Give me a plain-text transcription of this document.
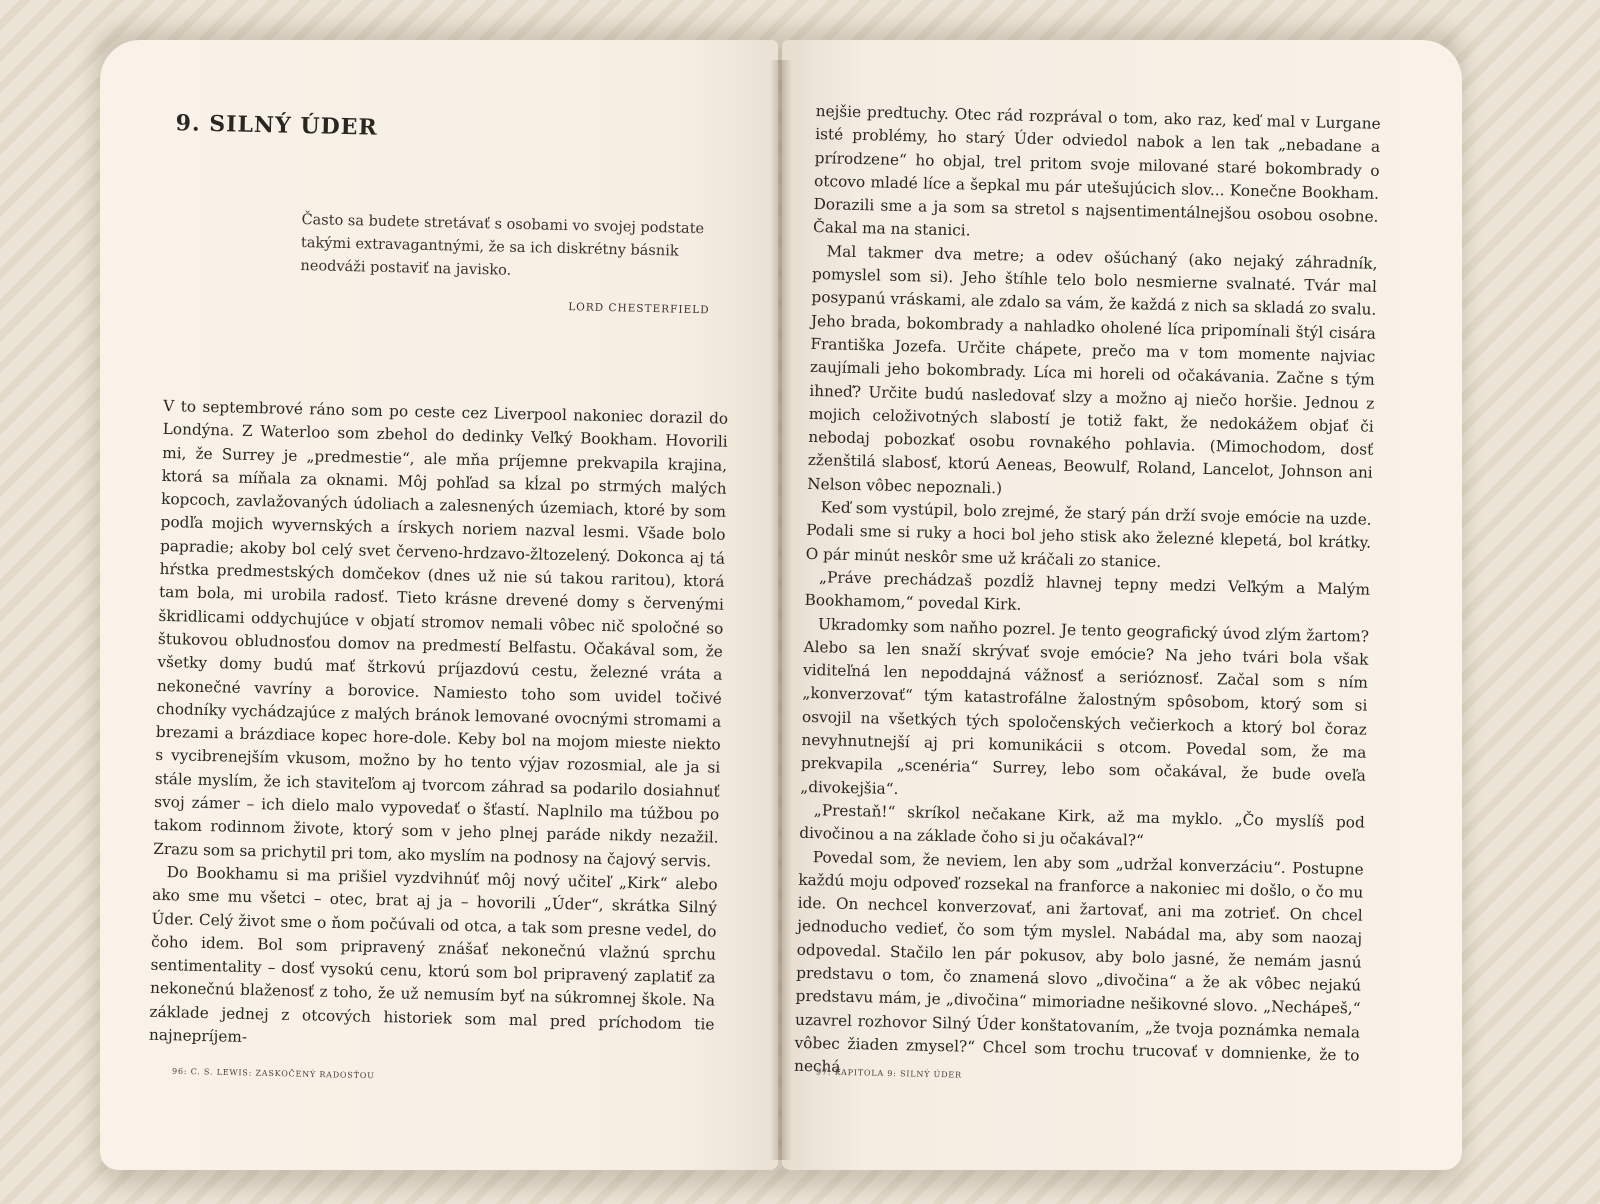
9. SILNÝ ÚDER
Často sa budete stretávať s osobami vo svojej podstate takými extravagantnými, že sa ich diskrétny básnik neodváži postaviť na javisko.
LORD CHESTERFIELD

V to septembrové ráno som po ceste cez Liverpool nakoniec dorazil do Londýna. Z Waterloo som zbehol do dedinky Veľký Bookham. Hovorili mi, že Surrey je „predmestie“, ale mňa príjemne prekvapila krajina, ktorá sa míňala za oknami. Môj pohľad sa kĺzal po strmých malých kopcoch, zavlažovaných údoliach a zalesnených územiach, ktoré by som podľa mojich wyvernských a írskych noriem nazval lesmi. Všade bolo papradie; akoby bol celý svet červeno-hrdzavo-žltozelený. Dokonca aj tá hŕstka predmestských domčekov (dnes už nie sú takou raritou), ktorá tam bola, mi urobila radosť. Tieto krásne drevené domy s červenými škridlicami oddychujúce v objatí stromov nemali vôbec nič spoločné so štukovou obludnosťou domov na predmestí Belfastu. Očakával som, že všetky domy budú mať štrkovú príjazdovú cestu, železné vráta a nekonečné vavríny a borovice. Namiesto toho som uvidel točivé chodníky vychádzajúce z malých bránok lemované ovocnými stromami a brezami a brázdiace kopec hore-dole. Keby bol na mojom mieste niekto s vycibrenejším vkusom, možno by ho tento výjav rozosmial, ale ja si stále myslím, že ich staviteľom aj tvorcom záhrad sa podarilo dosiahnuť svoj zámer – ich dielo malo vypovedať o šťastí. Naplnilo ma túžbou po takom rodinnom živote, ktorý som v jeho plnej paráde nikdy nezažil. Zrazu som sa prichytil pri tom, ako myslím na podnosy na čajový servis.

Do Bookhamu si ma prišiel vyzdvihnúť môj nový učiteľ „Kirk“ alebo ako sme mu všetci – otec, brat aj ja – hovorili „Úder“, skrátka Silný Úder. Celý život sme o ňom počúvali od otca, a tak som presne vedel, do čoho idem. Bol som pripravený znášať nekonečnú vlažnú sprchu sentimentality – dosť vysokú cenu, ktorú som bol pripravený zaplatiť za nekonečnú blaženosť z toho, že už nemusím byť na súkromnej škole. Na základe jednej z otcových historiek som mal pred príchodom tie najnepríjem-

96: C. S. LEWIS: ZASKOČENÝ RADOSŤOU

nejšie predtuchy. Otec rád rozprával o tom, ako raz, keď mal v Lurgane isté problémy, ho starý Úder odviedol nabok a len tak „nebadane a prírodzene“ ho objal, trel pritom svoje milované staré bokombrady o otcovo mladé líce a šepkal mu pár utešujúcich slov... Konečne Bookham. Dorazili sme a ja som sa stretol s najsentimentálnejšou osobou osobne. Čakal ma na stanici.

Mal takmer dva metre; a odev ošúchaný (ako nejaký záhradník, pomyslel som si). Jeho štíhle telo bolo nesmierne svalnaté. Tvár mal posypanú vráskami, ale zdalo sa vám, že každá z nich sa skladá zo svalu. Jeho brada, bokombrady a nahladko oholené líca pripomínali štýl cisára Františka Jozefa. Určite chápete, prečo ma v tom momente najviac zaujímali jeho bokombrady. Líca mi horeli od očakávania. Začne s tým ihneď? Určite budú nasledovať slzy a možno aj niečo horšie. Jednou z mojich celoživotných slabostí je totiž fakt, že nedokážem objať či nebodaj pobozkať osobu rovnakého pohlavia. (Mimochodom, dosť zženštilá slabosť, ktorú Aeneas, Beowulf, Roland, Lancelot, Johnson ani Nelson vôbec nepoznali.)

Keď som vystúpil, bolo zrejmé, že starý pán drží svoje emócie na uzde. Podali sme si ruky a hoci bol jeho stisk ako železné klepetá, bol krátky. O pár minút neskôr sme už kráčali zo stanice.

„Práve prechádzaš pozdĺž hlavnej tepny medzi Veľkým a Malým Bookhamom,“ povedal Kirk.

Ukradomky som naňho pozrel. Je tento geografický úvod zlým žartom? Alebo sa len snaží skrývať svoje emócie? Na jeho tvári bola však viditeľná len nepoddajná vážnosť a serióznosť. Začal som s ním „konverzovať“ tým katastrofálne žalostným spôsobom, ktorý som si osvojil na všetkých tých spoločenských večierkoch a ktorý bol čoraz nevyhnutnejší aj pri komunikácii s otcom. Povedal som, že ma prekvapila „scenéria“ Surrey, lebo som očakával, že bude oveľa „divokejšia“.

„Prestaň!“ skríkol nečakane Kirk, až ma myklo. „Čo myslíš pod divočinou a na základe čoho si ju očakával?“

Povedal som, že neviem, len aby som „udržal konverzáciu“. Postupne každú moju odpoveď rozsekal na franforce a nakoniec mi došlo, o čo mu ide. On nechcel konverzovať, ani žartovať, ani ma zotrieť. On chcel jednoducho vedieť, čo som tým myslel. Nabádal ma, aby som naozaj odpovedal. Stačilo len pár pokusov, aby bolo jasné, že nemám jasnú predstavu o tom, čo znamená slovo „divočina“ a že ak vôbec nejakú predstavu mám, je „divočina“ mimoriadne nešikovné slovo. „Nechápeš,“ uzavrel rozhovor Silný Úder konštatovaním, „že tvoja poznámka nemala vôbec žiaden zmysel?“ Chcel som trochu trucovať v domnienke, že to nechá

97: KAPITOLA 9: SILNÝ ÚDER
